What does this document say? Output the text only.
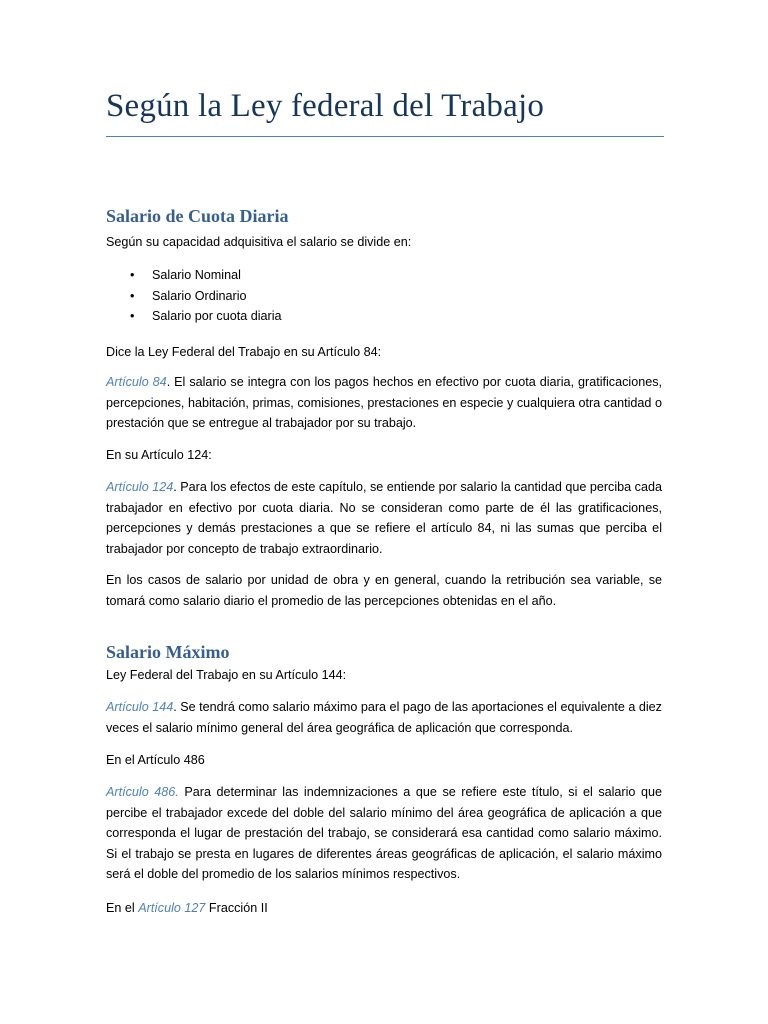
Según la Ley federal del Trabajo
Salario de Cuota Diaria
Según su capacidad adquisitiva el salario se divide en:
• Salario Nominal
• Salario Ordinario
• Salario por cuota diaria
Dice la Ley Federal del Trabajo en su Artículo 84:
Artículo 84. El salario se integra con los pagos hechos en efectivo por cuota diaria, gratificaciones, percepciones, habitación, primas, comisiones, prestaciones en especie y cualquiera otra cantidad o prestación que se entregue al trabajador por su trabajo.
En su Artículo 124:
Artículo 124. Para los efectos de este capítulo, se entiende por salario la cantidad que perciba cada trabajador en efectivo por cuota diaria. No se consideran como parte de él las gratificaciones, percepciones y demás prestaciones a que se refiere el artículo 84, ni las sumas que perciba el trabajador por concepto de trabajo extraordinario.
En los casos de salario por unidad de obra y en general, cuando la retribución sea variable, se tomará como salario diario el promedio de las percepciones obtenidas en el año.
Salario Máximo
Ley Federal del Trabajo en su Artículo 144:
Artículo 144. Se tendrá como salario máximo para el pago de las aportaciones el equivalente a diez veces el salario mínimo general del área geográfica de aplicación que corresponda.
En el Artículo 486
Artículo 486. Para determinar las indemnizaciones a que se refiere este título, si el salario que percibe el trabajador excede del doble del salario mínimo del área geográfica de aplicación a que corresponda el lugar de prestación del trabajo, se considerará esa cantidad como salario máximo. Si el trabajo se presta en lugares de diferentes áreas geográficas de aplicación, el salario máximo será el doble del promedio de los salarios mínimos respectivos.
En el Artículo 127 Fracción II
